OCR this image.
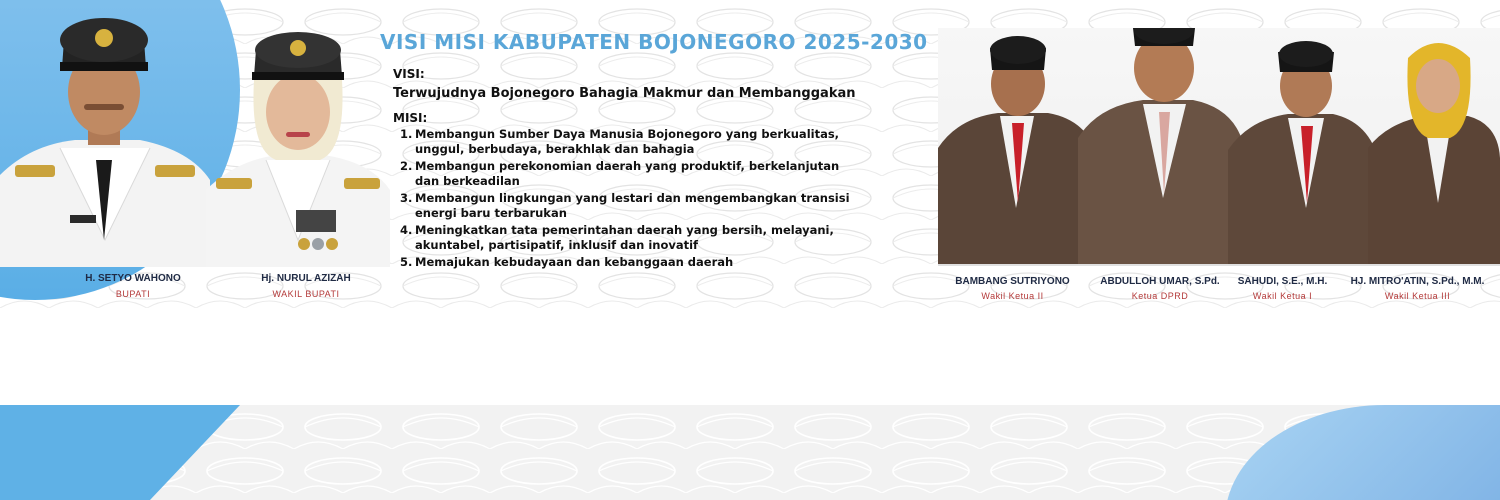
H. SETYO WAHONO
BUPATI
Hj. NURUL AZIZAH
WAKIL BUPATI
VISI MISI KABUPATEN BOJONEGORO 2025-2030
VISI:
Terwujudnya Bojonegoro Bahagia Makmur dan Membanggakan
MISI:
1. Membangun Sumber Daya Manusia Bojonegoro yang berkualitas, unggul, berbudaya, berakhlak dan bahagia
2. Membangun perekonomian daerah yang produktif, berkelanjutan dan berkeadilan
3. Membangun lingkungan yang lestari dan mengembangkan transisi energi baru terbarukan
4. Meningkatkan tata pemerintahan daerah yang bersih, melayani, akuntabel, partisipatif, inklusif dan inovatif
5. Memajukan kebudayaan dan kebanggaan daerah
BAMBANG SUTRIYONO
Wakil Ketua II
ABDULLOH UMAR, S.Pd.
Ketua DPRD
SAHUDI, S.E., M.H.
Wakil Ketua I
HJ. MITRO'ATIN, S.Pd., M.M.
Wakil Ketua III
